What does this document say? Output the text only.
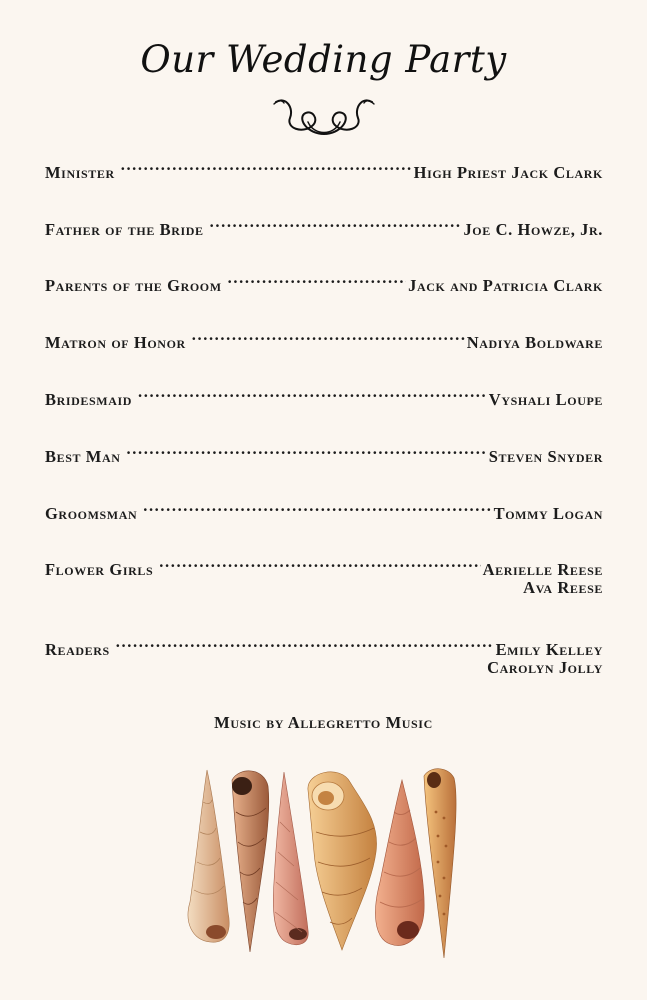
Our Wedding Party
Minister .....	High Priest Jack Clark
Father of the Bride .....	Joe C. Howze, Jr.
Parents of the Groom .....	Jack and Patricia Clark
Matron of Honor .....	Nadiya Boldware
Bridesmaid .....	Vyshali Loupe
Best Man .....	Steven Snyder
Groomsman .....	Tommy Logan
Flower Girls .....	Aerielle Reese
Ava Reese
Readers .....	Emily Kelley
Carolyn Jolly
Music by Allegretto Music
